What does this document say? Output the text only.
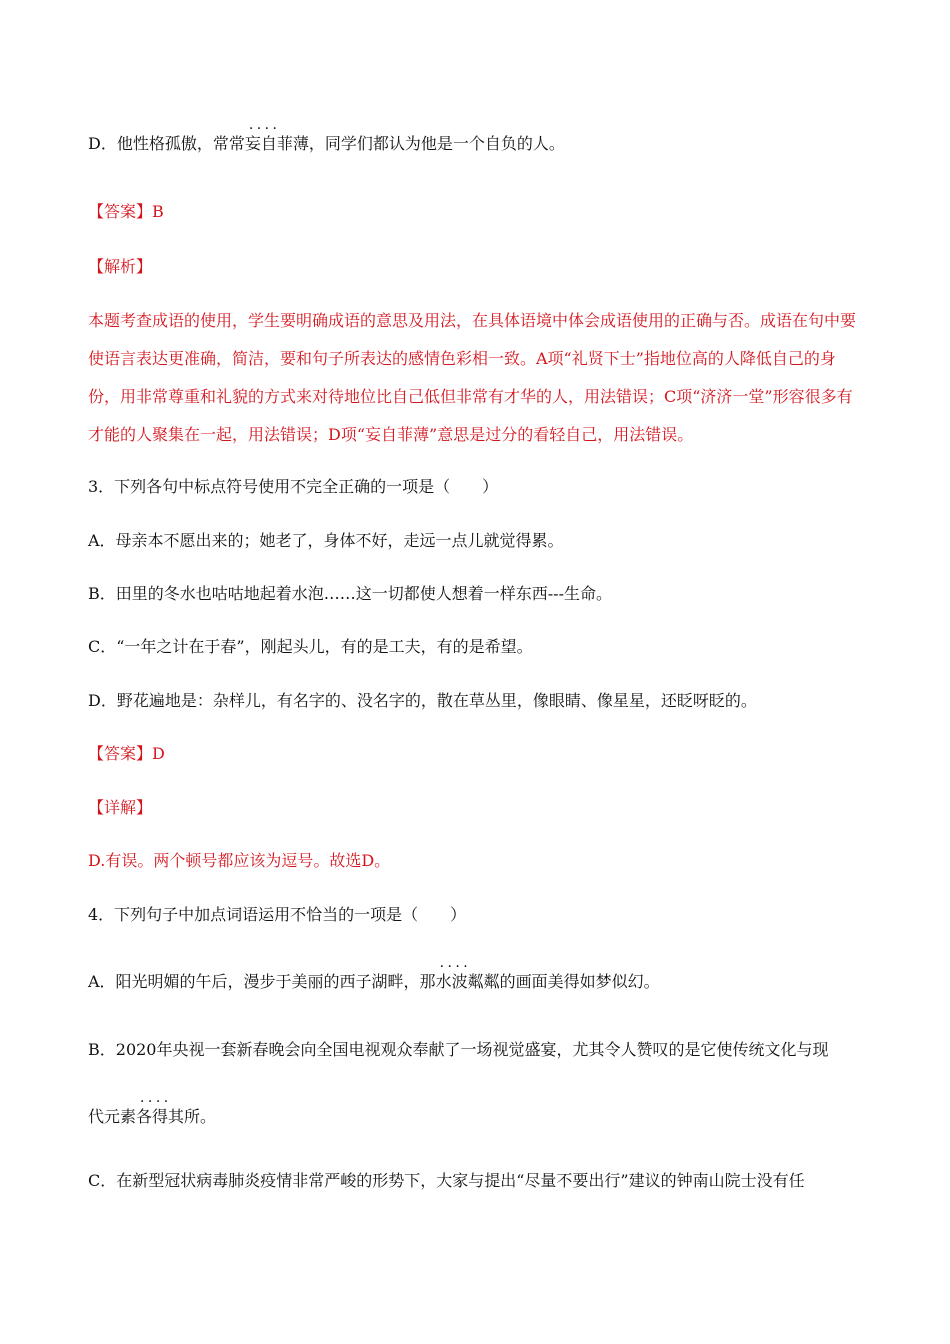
D．他性格孤傲，常常· · · · 妄自菲薄，同学们都认为他是一个自负的人。
【答案】B
【解析】
本题考查成语的使用，学生要明确成语的意思及用法，在具体语境中体会成语使用的正确与否。成语在句中要使语言表达更准确，简洁，要和句子所表达的感情色彩相一致。A项“礼贤下士”指地位高的人降低自己的身份，用非常尊重和礼貌的方式来对待地位比自己低但非常有才华的人，用法错误；C项“济济一堂”形容很多有才能的人聚集在一起，用法错误；D项“妄自菲薄”意思是过分的看轻自己，用法错误。
3．下列各句中标点符号使用不完全正确的一项是（　　）
A．母亲本不愿出来的；她老了，身体不好，走远一点儿就觉得累。
B．田里的冬水也咕咕地起着水泡……这一切都使人想着一样东西---生命。
C．“一年之计在于春”，刚起头儿，有的是工夫，有的是希望。
D．野花遍地是：杂样儿，有名字的、没名字的，散在草丛里，像眼睛、像星星，还眨呀眨的。
【答案】D
【详解】
D.有误。两个顿号都应该为逗号。故选D。
4．下列句子中加点词语运用不恰当的一项是（　　）
A．阳光明媚的午后，漫步于美丽的西子湖畔，那· · · · 水波粼粼的画面美得如梦似幻。
B．2020年央视一套新春晚会向全国电视观众奉献了一场视觉盛宴，尤其令人赞叹的是它使传统文化与现
代元素· · · · 各得其所。
C．在新型冠状病毒肺炎疫情非常严峻的形势下，大家与提出“尽量不要出行”建议的钟南山院士没有任
